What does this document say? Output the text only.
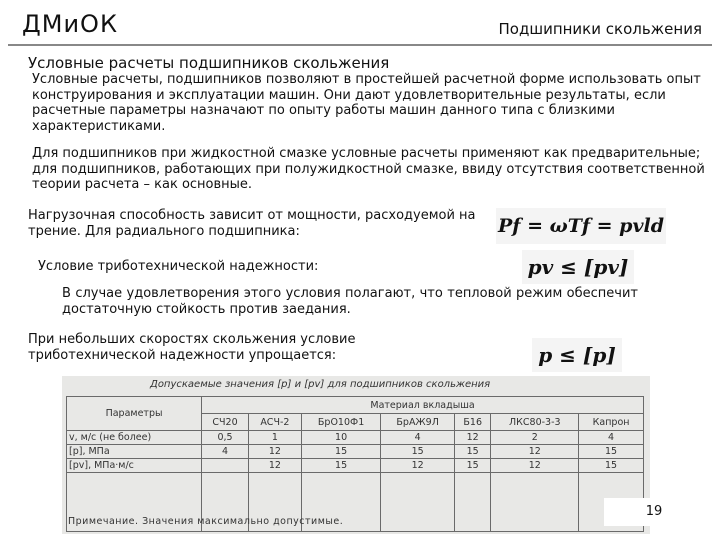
ДМиОК	Подшипники скольжения
Условные расчеты подшипников скольжения
Условные расчеты, подшипников позволяют в простейшей расчетной форме использовать опыт конструирования и эксплуатации машин. Они дают удовлетворительные результаты, если расчетные параметры назначают по опыту работы машин данного типа с близкими характеристиками.
Для подшипников при жидкостной смазке условные расчеты применяют как предварительные; для подшипников, работающих при полужидкостной смазке, ввиду отсутствия соответственной теории расчета – как основные.
Нагрузочная способность зависит от мощности, расходуемой на трение. Для радиального подшипника:	Pf = ωTf = pvld
Условие триботехнической надежности:	pv ≤ [pv]
В случае удовлетворения этого условия полагают, что тепловой режим обеспечит достаточную стойкость против заедания.
При небольших скоростях скольжения условие триботехнической надежности упрощается:	p ≤ [p]
Допускаемые значения [p] и [pv] для подшипников скольжения
Параметры	Материал вкладыша						
	СЧ20	АСЧ-2	БрО10Ф1	БрАЖ9Л	Б16	ЛКС80-3-3	Капрон
v, м/с (не более)	0,5	1	10	4	12	2	4
[p], МПа	4	12	15	15	15	12	15
[pv], МПа·м/с		12	15	12	15	12	15

Примечание. Значения максимально допустимые.
19
